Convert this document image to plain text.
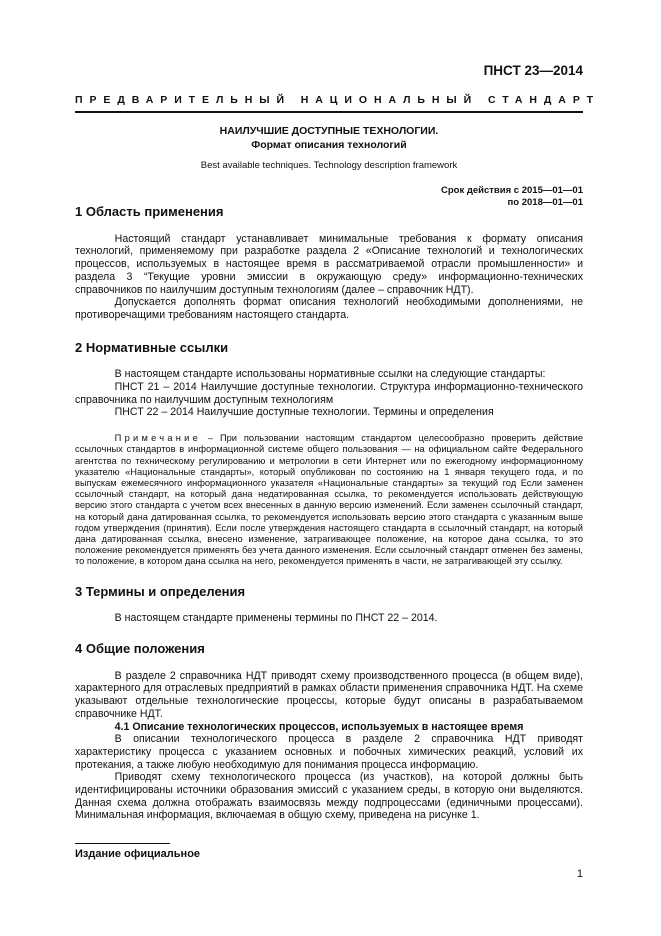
ПНСТ 23—2014
ПРЕДВАРИТЕЛЬНЫЙ НАЦИОНАЛЬНЫЙ СТАНДАРТ
НАИЛУЧШИЕ ДОСТУПНЫЕ ТЕХНОЛОГИИ.
Формат описания технологий
Best available techniques. Technology description framework
Срок действия с 2015—01—01
по 2018—01—01
1 Область применения

Настоящий стандарт устанавливает минимальные требования к формату описания технологий, применяемому при разработке раздела 2 «Описание технологий и технологических процессов, используемых в настоящее время в рассматриваемой отрасли промышленности» и раздела 3 “Текущие уровни эмиссии в окружающую среду» информационно-технических справочников по наилучшим доступным технологиям (далее – справочник НДТ).

Допускается дополнять формат описания технологий необходимыми дополнениями, не противоречащими требованиям настоящего стандарта.

2 Нормативные ссылки

В настоящем стандарте использованы нормативные ссылки на следующие стандарты:

ПНСТ 21 – 2014 Наилучшие доступные технологии. Структура информационно-технического справочника по наилучшим доступным технологиям

ПНСТ 22 – 2014 Наилучшие доступные технологии. Термины и определения

Примечание – При пользовании настоящим стандартом целесообразно проверить действие ссылочных стандартов в информационной системе общего пользования — на официальном сайте Федерального агентства по техническому регулированию и метрологии в сети Интернет или по ежегодному информационному указателю «Национальные стандарты», который опубликован по состоянию на 1 января текущего года, и по выпускам ежемесячного информационного указателя «Национальные стандарты» за текущий год Если заменен ссылочный стандарт, на который дана недатированная ссылка, то рекомендуется использовать действующую версию этого стандарта с учетом всех внесенных в данную версию изменений. Если заменен ссылочный стандарт, на который дана датированная ссылка, то рекомендуется использовать версию этого стандарта с указанным выше годом утверждения (принятия). Если после утверждения настоящего стандарта в ссылочный стандарт, на который дана датированная ссылка, внесено изменение, затрагивающее положение, на которое дана ссылка, то это положение рекомендуется применять без учета данного изменения. Если ссылочный стандарт отменен без замены, то положение, в котором дана ссылка на него, рекомендуется применять в части, не затрагивающей эту ссылку.
3 Термины и определения

В настоящем стандарте применены термины по ПНСТ 22 – 2014.

4 Общие положения

В разделе 2 справочника НДТ приводят схему производственного процесса (в общем виде), характерного для отраслевых предприятий в рамках области применения справочника НДТ. На схеме указывают отдельные технологические процессы, которые будут описаны в разрабатываемом справочнике НДТ.

4.1 Описание технологических процессов, используемых в настоящее время

В описании технологического процесса в разделе 2 справочника НДТ приводят характеристику процесса с указанием основных и побочных химических реакций, условий их протекания, а также любую необходимую для понимания процесса информацию.

Приводят схему технологического процесса (из участков), на которой должны быть идентифицированы источники образования эмиссий с указанием среды, в которую они выделяются. Данная схема должна отображать взаимосвязь между подпроцессами (единичными процессами). Минимальная информация, включаемая в общую схему, приведена на рисунке 1.

Издание официальное
1
